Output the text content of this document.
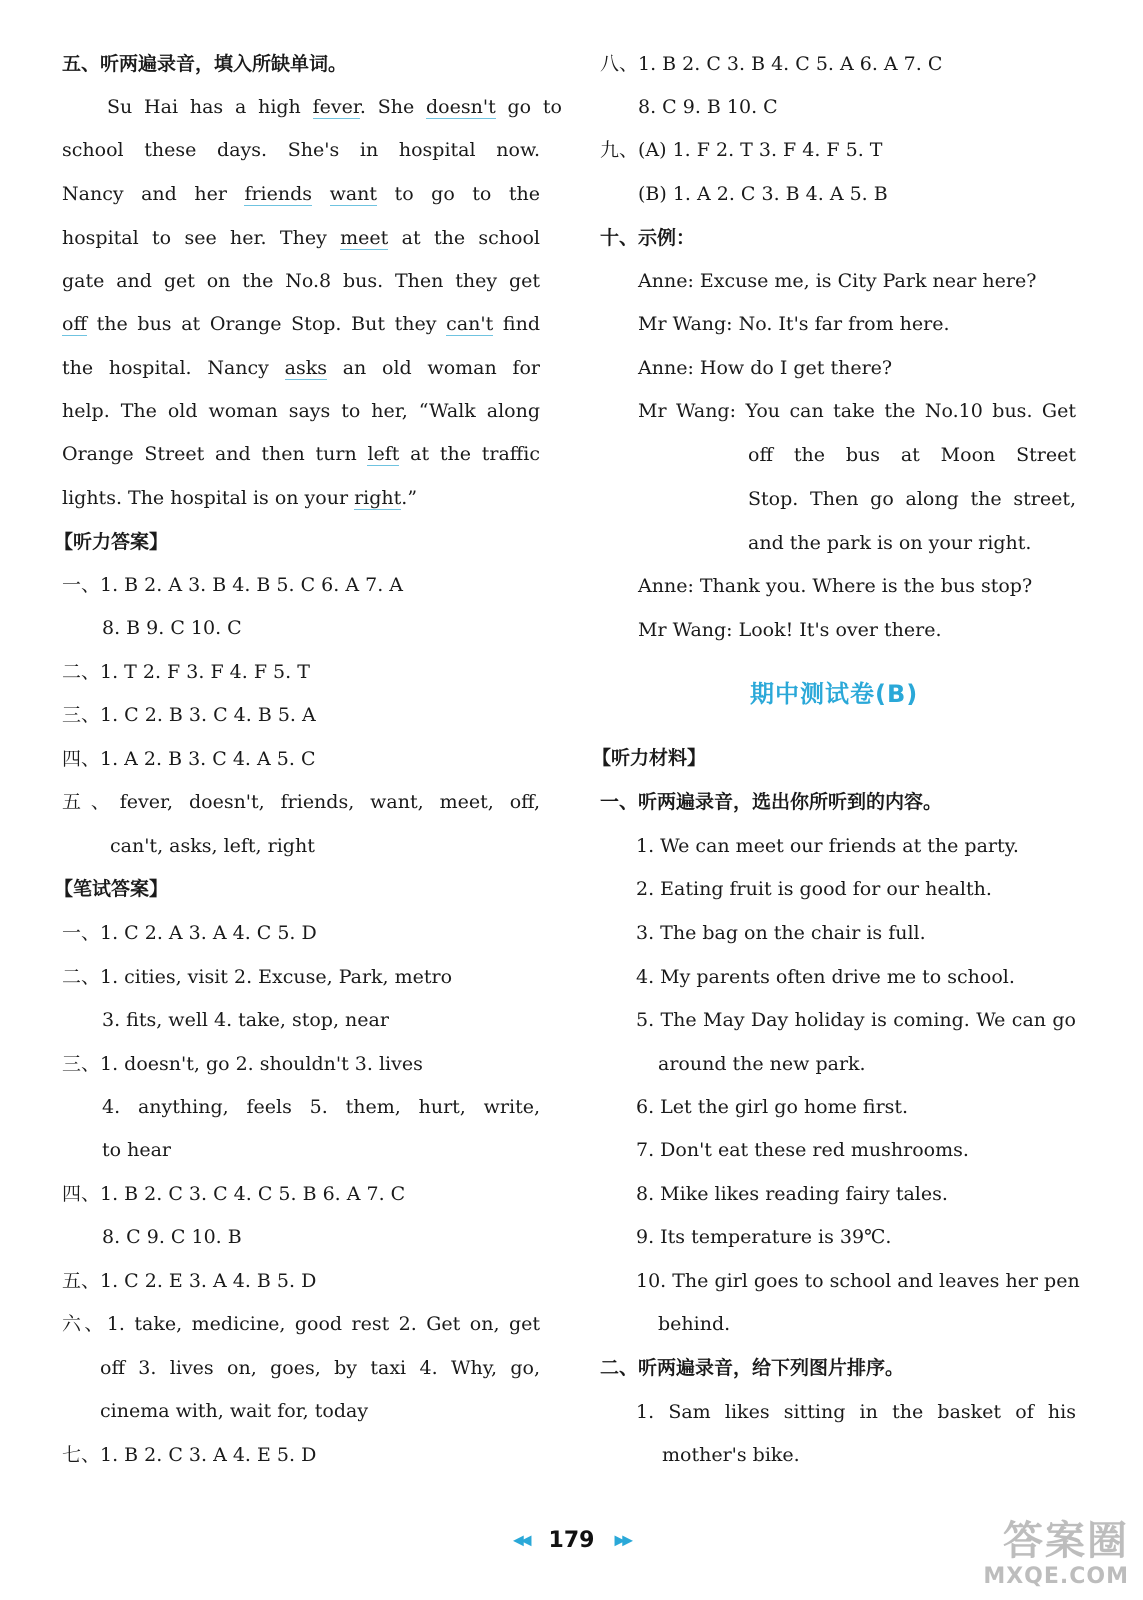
五、听两遍录音，填入所缺单词。
Su Hai has a high fever. She doesn't go to
school these days. She's in hospital now.
Nancy and her friends want to go to the
hospital to see her. They meet at the school
gate and get on the No.8 bus. Then they get
off the bus at Orange Stop. But they can't find
the hospital. Nancy asks an old woman for
help. The old woman says to her, “Walk along
Orange Street and then turn left at the traffic
lights. The hospital is on your right.”
【听力答案】
一、1. B 2. A 3. B 4. B 5. C 6. A 7. A
8. B 9. C 10. C
二、1. T 2. F 3. F 4. F 5. T
三、1. C 2. B 3. C 4. B 5. A
四、1. A 2. B 3. C 4. A 5. C
五、fever, doesn't, friends, want, meet, off,
can't, asks, left, right
【笔试答案】
一、1. C 2. A 3. A 4. C 5. D
二、1. cities, visit 2. Excuse, Park, metro
3. fits, well 4. take, stop, near
三、1. doesn't, go 2. shouldn't 3. lives
4. anything, feels 5. them, hurt, write,
to hear
四、1. B 2. C 3. C 4. C 5. B 6. A 7. C
8. C 9. C 10. B
五、1. C 2. E 3. A 4. B 5. D
六、1. take, medicine, good rest 2. Get on, get
off 3. lives on, goes, by taxi 4. Why, go,
cinema with, wait for, today
七、1. B 2. C 3. A 4. E 5. D
八、1. B 2. C 3. B 4. C 5. A 6. A 7. C
8. C 9. B 10. C
九、(A) 1. F 2. T 3. F 4. F 5. T
(B) 1. A 2. C 3. B 4. A 5. B
十、示例：
Anne: Excuse me, is City Park near here?
Mr Wang: No. It's far from here.
Anne: How do I get there?
Mr Wang: You can take the No.10 bus. Get
off the bus at Moon Street
Stop. Then go along the street,
and the park is on your right.
Anne: Thank you. Where is the bus stop?
Mr Wang: Look! It's over there.
期中测试卷(B)
【听力材料】
一、听两遍录音，选出你所听到的内容。
1. We can meet our friends at the party.
2. Eating fruit is good for our health.
3. The bag on the chair is full.
4. My parents often drive me to school.
5. The May Day holiday is coming. We can go
around the new park.
6. Let the girl go home first.
7. Don't eat these red mushrooms.
8. Mike likes reading fairy tales.
9. Its temperature is 39℃.
10. The girl goes to school and leaves her pen
behind.
二、听两遍录音，给下列图片排序。
1. Sam likes sitting in the basket of his
mother's bike.
◀◀ 179 ▶▶	答案圈
MXQE.COM
